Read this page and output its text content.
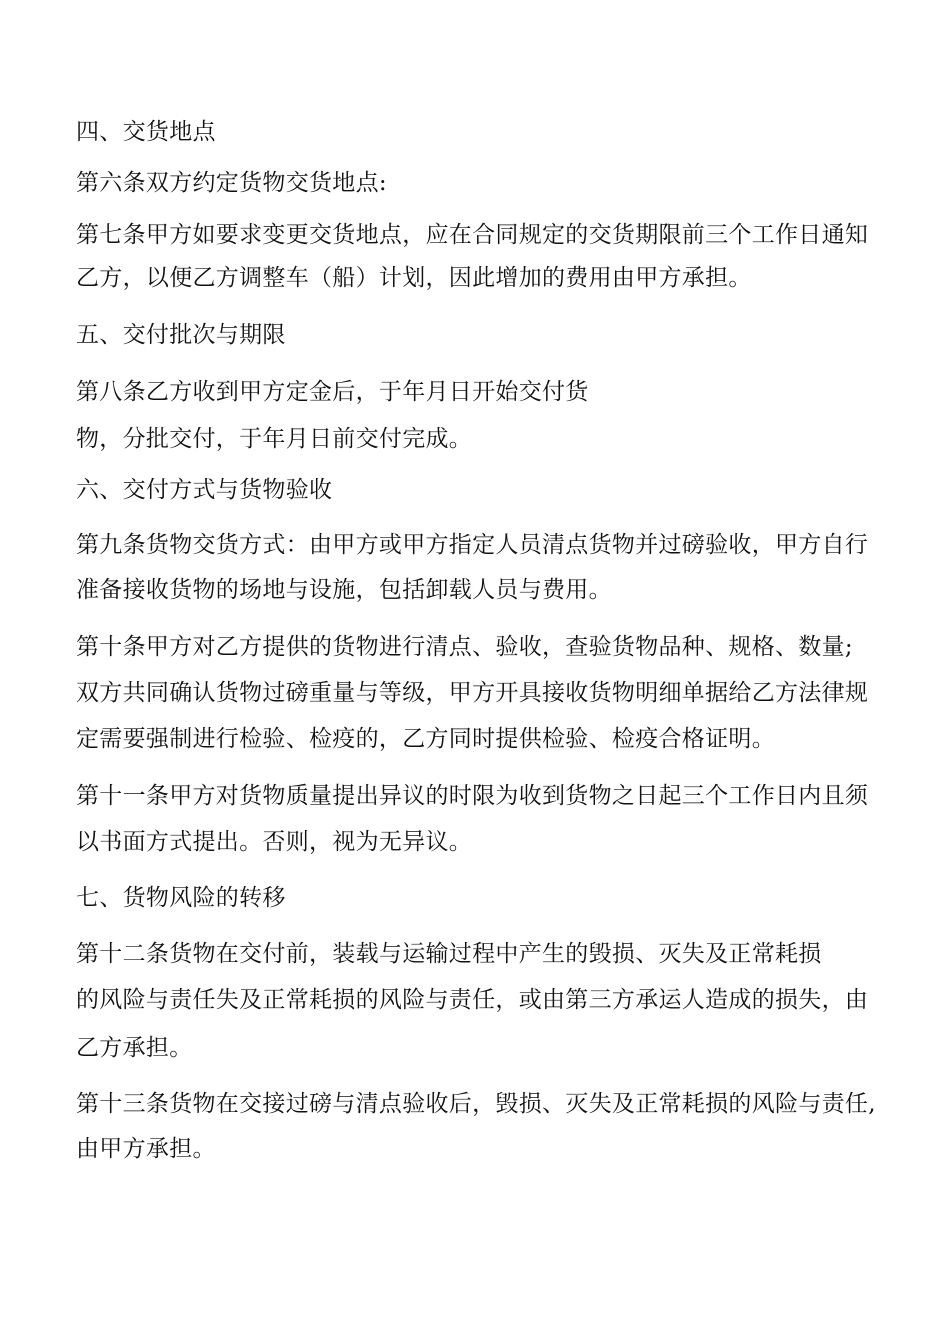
四、交货地点
第六条双方约定货物交货地点:
第七条甲方如要求变更交货地点，应在合同规定的交货期限前三个工作日通知
乙方，以便乙方调整车（船）计划，因此增加的费用由甲方承担。
五、交付批次与期限
第八条乙方收到甲方定金后，于年月日开始交付货
物，分批交付，于年月日前交付完成。
六、交付方式与货物验收
第九条货物交货方式：由甲方或甲方指定人员清点货物并过磅验收，甲方自行
准备接收货物的场地与设施，包括卸载人员与费用。
第十条甲方对乙方提供的货物进行清点、验收，查验货物品种、规格、数量;
双方共同确认货物过磅重量与等级，甲方开具接收货物明细单据给乙方法律规
定需要强制进行检验、检疫的，乙方同时提供检验、检疫合格证明。
第十一条甲方对货物质量提出异议的时限为收到货物之日起三个工作日内且须
以书面方式提出。否则，视为无异议。
七、货物风险的转移
第十二条货物在交付前，装载与运输过程中产生的毁损、灭失及正常耗损
的风险与责任失及正常耗损的风险与责任，或由第三方承运人造成的损失，由
乙方承担。
第十三条货物在交接过磅与清点验收后，毁损、灭失及正常耗损的风险与责任,
由甲方承担。
